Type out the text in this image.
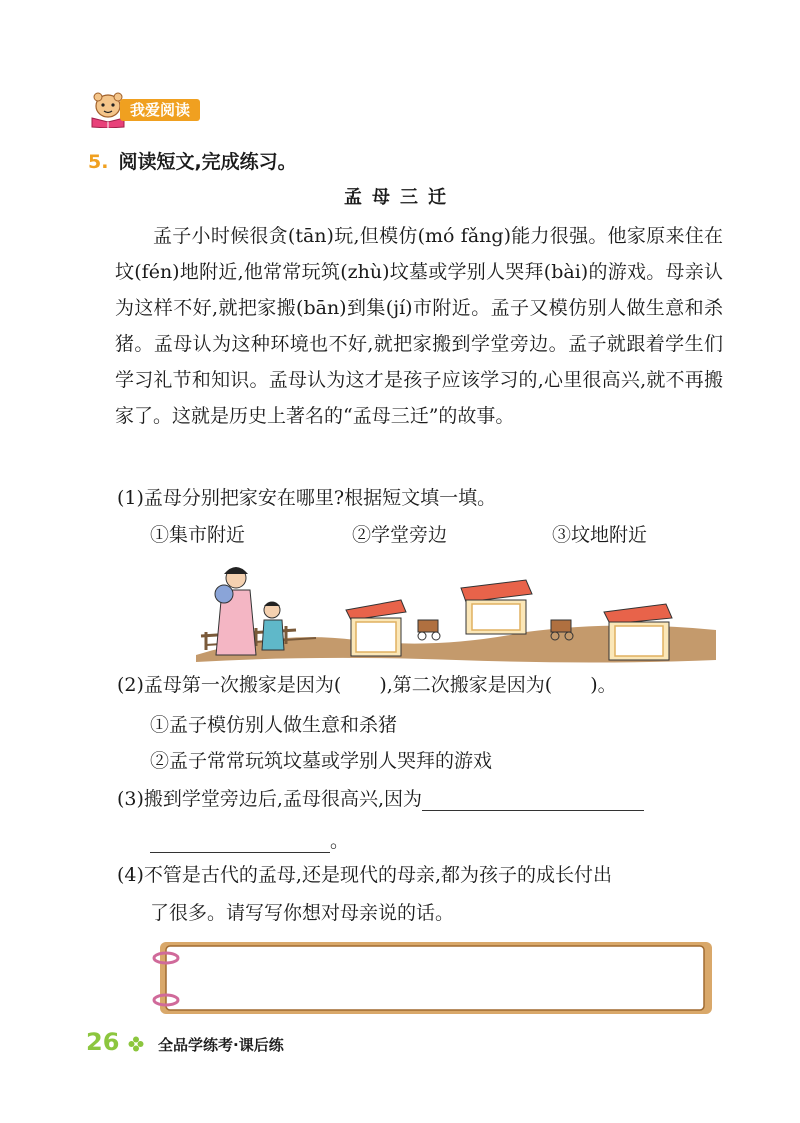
我爱阅读
5. 阅读短文,完成练习。
孟母三迁

孟子小时候很贪(tān)玩,但模仿(mó fǎng)能力很强。他家原来住在坟(fén)地附近,他常常玩筑(zhù)坟墓或学别人哭拜(bài)的游戏。母亲认为这样不好,就把家搬(bān)到集(jí)市附近。孟子又模仿别人做生意和杀猪。孟母认为这种环境也不好,就把家搬到学堂旁边。孟子就跟着学生们学习礼节和知识。孟母认为这才是孩子应该学习的,心里很高兴,就不再搬家了。这就是历史上著名的“孟母三迁”的故事。

(1)孟母分别把家安在哪里?根据短文填一填。
①集市附近	②学堂旁边	③坟地附近
(2)孟母第一次搬家是因为(　　),第二次搬家是因为(　　)。
①孟子模仿别人做生意和杀猪
②孟子常常玩筑坟墓或学别人哭拜的游戏
(3)搬到学堂旁边后,孟母很高兴,因为
。
(4)不管是古代的孟母,还是现代的母亲,都为孩子的成长付出
了很多。请写写你想对母亲说的话。
26	全品学练考·课后练
